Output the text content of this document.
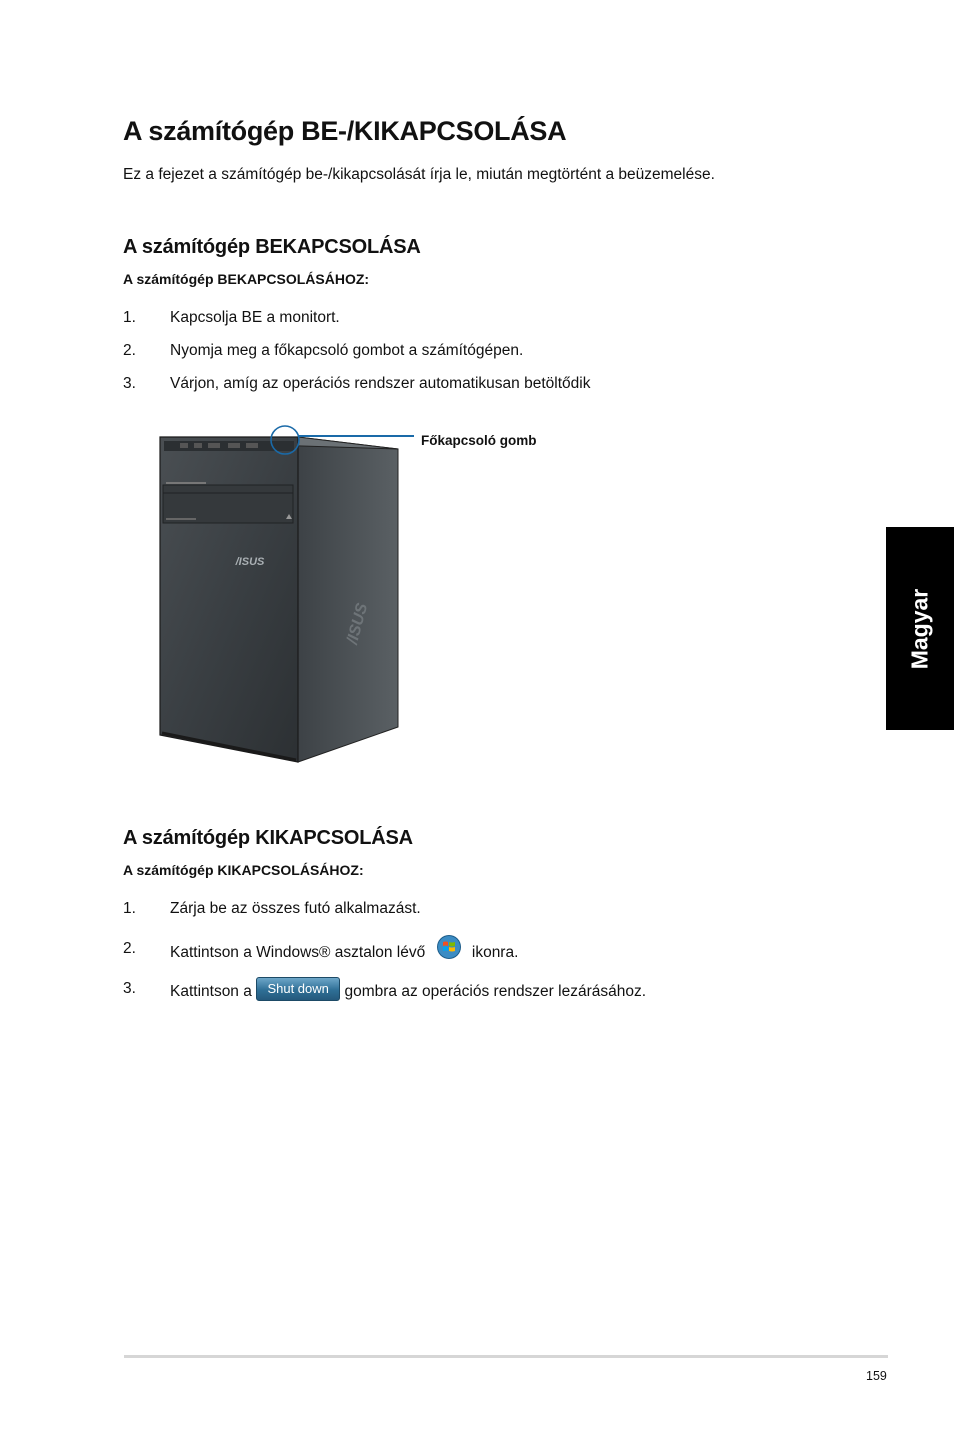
A számítógép BE-/KIKAPCSOLÁSA
Ez a fejezet a számítógép be-/kikapcsolását írja le, miután megtörtént a beüzemelése.
A számítógép BEKAPCSOLÁSA
A számítógép BEKAPCSOLÁSÁHOZ:
1. Kapcsolja BE a monitort.
2. Nyomja meg a főkapcsoló gombot a számítógépen.
3. Várjon, amíg az operációs rendszer automatikusan betöltődik
/ISUS
/ISUS
Főkapcsoló gomb
Magyar
A számítógép KIKAPCSOLÁSA
A számítógép KIKAPCSOLÁSÁHOZ:
1. Zárja be az összes futó alkalmazást.
2. Kattintson a Windows® asztalon lévő	ikonra.
3. Kattintson a Shut down gombra az operációs rendszer lezárásához.
159
